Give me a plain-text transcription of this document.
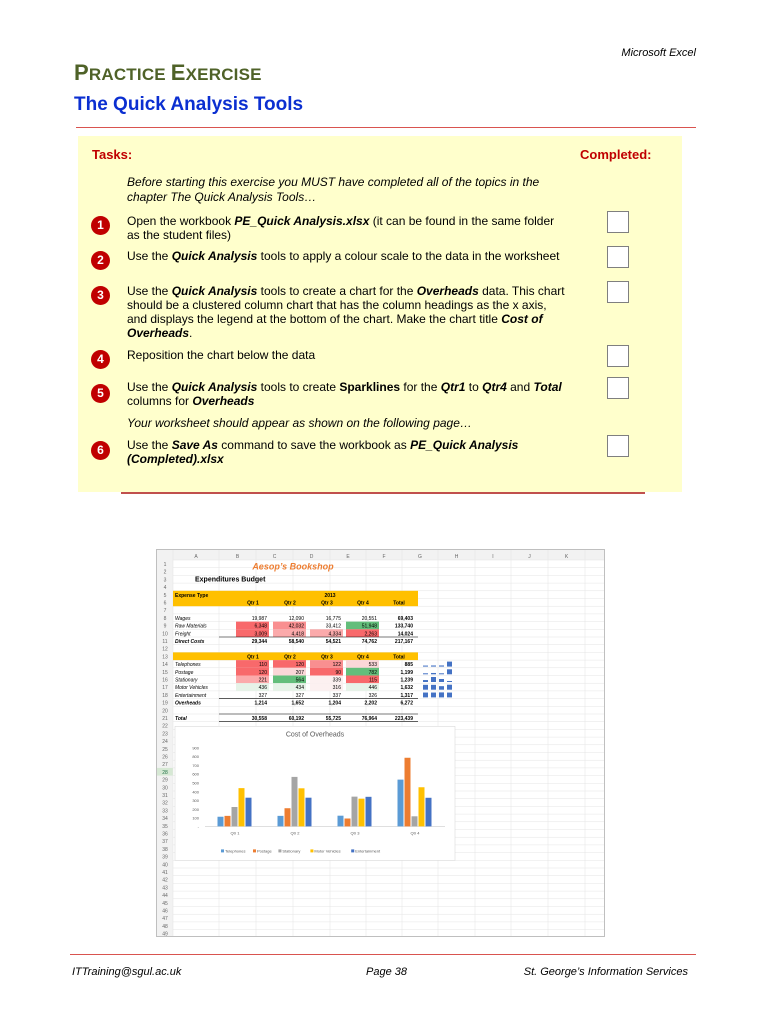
Microsoft Excel
PRACTICE EXERCISE
The Quick Analysis Tools
Tasks:	Completed:
Before starting this exercise you MUST have completed all of the topics in the chapter The Quick Analysis Tools…
1	Open the workbook PE_Quick Analysis.xlsx (it can be found in the same folder as the student files)
2	Use the Quick Analysis tools to apply a colour scale to the data in the worksheet
3	Use the Quick Analysis tools to create a chart for the Overheads data. This chart should be a clustered column chart that has the column headings as the x axis, and displays the legend at the bottom of the chart. Make the chart title Cost of Overheads.
4	Reposition the chart below the data
5	Use the Quick Analysis tools to create Sparklines for the Qtr1 to Qtr4 and Total columns for Overheads
Your worksheet should appear as shown on the following page…
6	Use the Save As command to save the workbook as PE_Quick Analysis (Completed).xlsx
A	B	C	D	E	F	G	H	I	J	K
1
2
3
4
5
6
7
8
9
10
11
12
13
14
15
16
17
18
19
20
21
22
23
24
25
26
27
28
29
30
31
32
33
34
35
36
37
38
39
40
41
42
43
44
45
46
47
48
49
Aesop’s Bookshop
Expenditures Budget
Expense Type	2013
Qtr 1	Qtr 2	Qtr 3	Qtr 4	Total
Wages	19,987	12,090	16,775	20,551	69,403
Raw Materials	6,348	42,032	33,412	51,948	133,740
Freight	3,009	4,418	4,334	2,263	14,024
Direct Costs	29,344	58,540	54,521	74,762	217,167
Qtr 1	Qtr 2	Qtr 3	Qtr 4	Total
Telephones	110	120	122	533	885
Postage	120	207	90	782	1,199
Stationary	221	564	339	115	1,239
Motor Vehicles	436	434	316	446	1,632
Entertainment	327	327	337	326	1,317
Overheads	1,214	1,652	1,204	2,202	6,272
Total	30,558	60,192	55,725	76,964	223,439
Cost of Overheads
900
800
700
600
500
400
300
200
100
-
Qtr 1	Qtr 2	Qtr 3	Qtr 4
Telephones	Postage	Stationary	Motor Vehicles	Entertainment
ITTraining@sgul.ac.uk	Page 38	St. George’s Information Services
